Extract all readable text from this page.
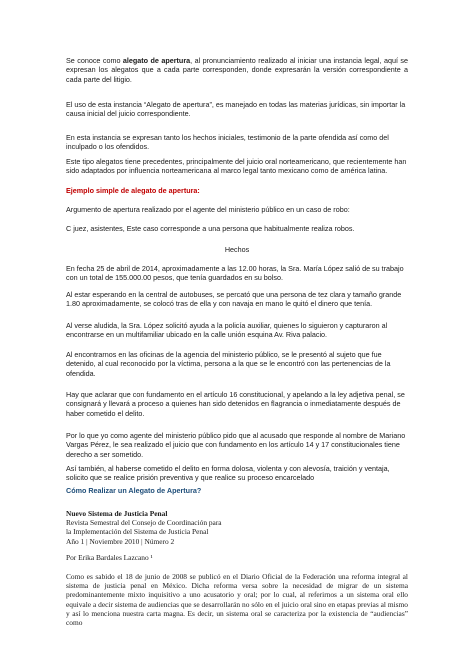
Se conoce como alegato de apertura, al pronunciamiento realizado al iniciar una instancia legal, aquí se expresan los alegatos que a cada parte corresponden, donde expresarán la versión correspondiente a cada parte del litigio.

El uso de esta instancia “Alegato de apertura”, es manejado en todas las materias jurídicas, sin importar la causa inicial del juicio correspondiente.

En esta instancia se expresan tanto los hechos iniciales, testimonio de la parte ofendida así como del inculpado o los ofendidos.

Este tipo alegatos tiene precedentes, principalmente del juicio oral norteamericano, que recientemente han sido adaptados por influencia norteamericana al marco legal tanto mexicano como de américa latina.

Ejemplo simple de alegato de apertura:

Argumento de apertura realizado por el agente del ministerio público en un caso de robo:

C juez, asistentes, Este caso corresponde a una persona que habitualmente realiza robos.

Hechos

En fecha 25 de abril de 2014, aproximadamente a las 12.00 horas, la Sra. María López salió de su trabajo con un total de 155.000.00 pesos, que tenía guardados en su bolso.

Al estar esperando en la central de autobuses, se percató que una persona de tez clara y tamaño grande 1.80 aproximadamente, se colocó tras de ella y con navaja en mano le quitó el dinero que tenía.

Al verse aludida, la Sra. López solicitó ayuda a la policía auxiliar, quienes lo siguieron y capturaron al encontrarse en un multifamiliar ubicado en la calle unión esquina Av. Riva palacio.

Al encontrarnos en las oficinas de la agencia del ministerio público, se le presentó al sujeto que fue detenido, al cual reconocido por la víctima, persona a la que se le encontró con las pertenencias de la ofendida.

Hay que aclarar que con fundamento en el artículo 16 constitucional, y apelando a la ley adjetiva penal, se consignará y llevará a proceso a quienes han sido detenidos en flagrancia o inmediatamente después de haber cometido el delito.

Por lo que yo como agente del ministerio público pido que al acusado que responde al nombre de Mariano Vargas Pérez, le sea realizado el juicio que con fundamento en los artículo 14 y 17 constitucionales tiene derecho a ser sometido.

Así también, al haberse cometido el delito en forma dolosa, violenta y con alevosía, traición y ventaja, solicito que se realice prisión preventiva y que realice su proceso encarcelado

Cómo Realizar un Alegato de Apertura?

Nuevo Sistema de Justicia Penal
Revista Semestral del Consejo de Coordinación para
la Implementación del Sistema de Justicia Penal
Año 1 | Noviembre 2010 | Número 2

Por Erika Bardales Lazcano ¹

Como es sabido el 18 de junio de 2008 se publicó en el Diario Oficial de la Federación una reforma integral al sistema de justicia penal en México. Dicha reforma versa sobre la necesidad de migrar de un sistema predominantemente mixto inquisitivo a uno acusatorio y oral; por lo cual, al referirnos a un sistema oral ello equivale a decir sistema de audiencias que se desarrollarán no sólo en el juicio oral sino en etapas previas al mismo y así lo menciona nuestra carta magna. Es decir, un sistema oral se caracteriza por la existencia de “audiencias” como
